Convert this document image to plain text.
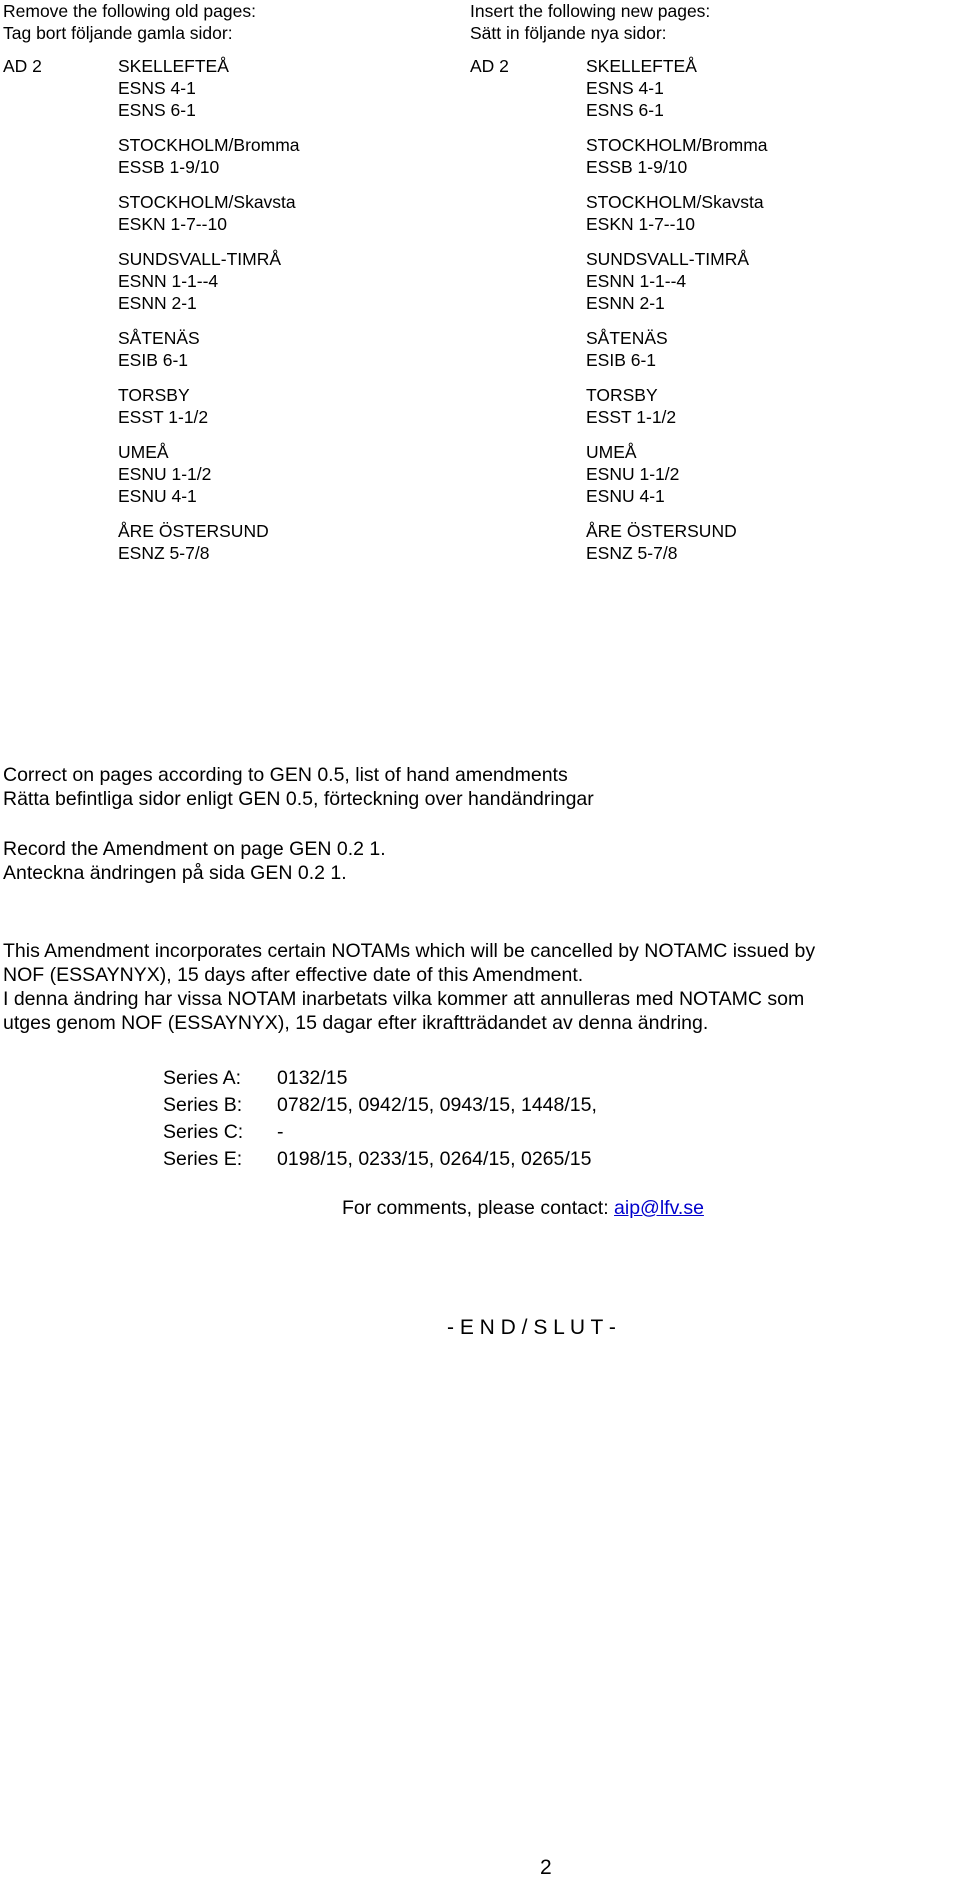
Remove the following old pages:
Tag bort följande gamla sidor:
Insert the following new pages:
Sätt in följande nya sidor:
AD 2	SKELLEFTEÅ
ESNS 4-1
ESNS 6-1
STOCKHOLM/Bromma
ESSB 1-9/10
STOCKHOLM/Skavsta
ESKN 1-7--10
SUNDSVALL-TIMRÅ
ESNN 1-1--4
ESNN 2-1
SÅTENÄS
ESIB 6-1
TORSBY
ESST 1-1/2
UMEÅ
ESNU 1-1/2
ESNU 4-1
ÅRE ÖSTERSUND
ESNZ 5-7/8
AD 2	SKELLEFTEÅ
ESNS 4-1
ESNS 6-1
STOCKHOLM/Bromma
ESSB 1-9/10
STOCKHOLM/Skavsta
ESKN 1-7--10
SUNDSVALL-TIMRÅ
ESNN 1-1--4
ESNN 2-1
SÅTENÄS
ESIB 6-1
TORSBY
ESST 1-1/2
UMEÅ
ESNU 1-1/2
ESNU 4-1
ÅRE ÖSTERSUND
ESNZ 5-7/8
Correct on pages according to GEN 0.5, list of hand amendments
Rätta befintliga sidor enligt GEN 0.5, förteckning over handändringar
Record the Amendment on page GEN 0.2 1.
Anteckna ändringen på sida GEN 0.2 1.
This Amendment incorporates certain NOTAMs which will be cancelled by NOTAMC issued by
NOF (ESSAYNYX), 15 days after effective date of this Amendment.
I denna ändring har vissa NOTAM inarbetats vilka kommer att annulleras med NOTAMC som
utges genom NOF (ESSAYNYX), 15 dagar efter ikraftträdandet av denna ändring.
Series A: 0132/15
Series B: 0782/15, 0942/15, 0943/15, 1448/15,
Series C: -
Series E: 0198/15, 0233/15, 0264/15, 0265/15
For comments, please contact: aip@lfv.se
- E N D / S L U T -
2
